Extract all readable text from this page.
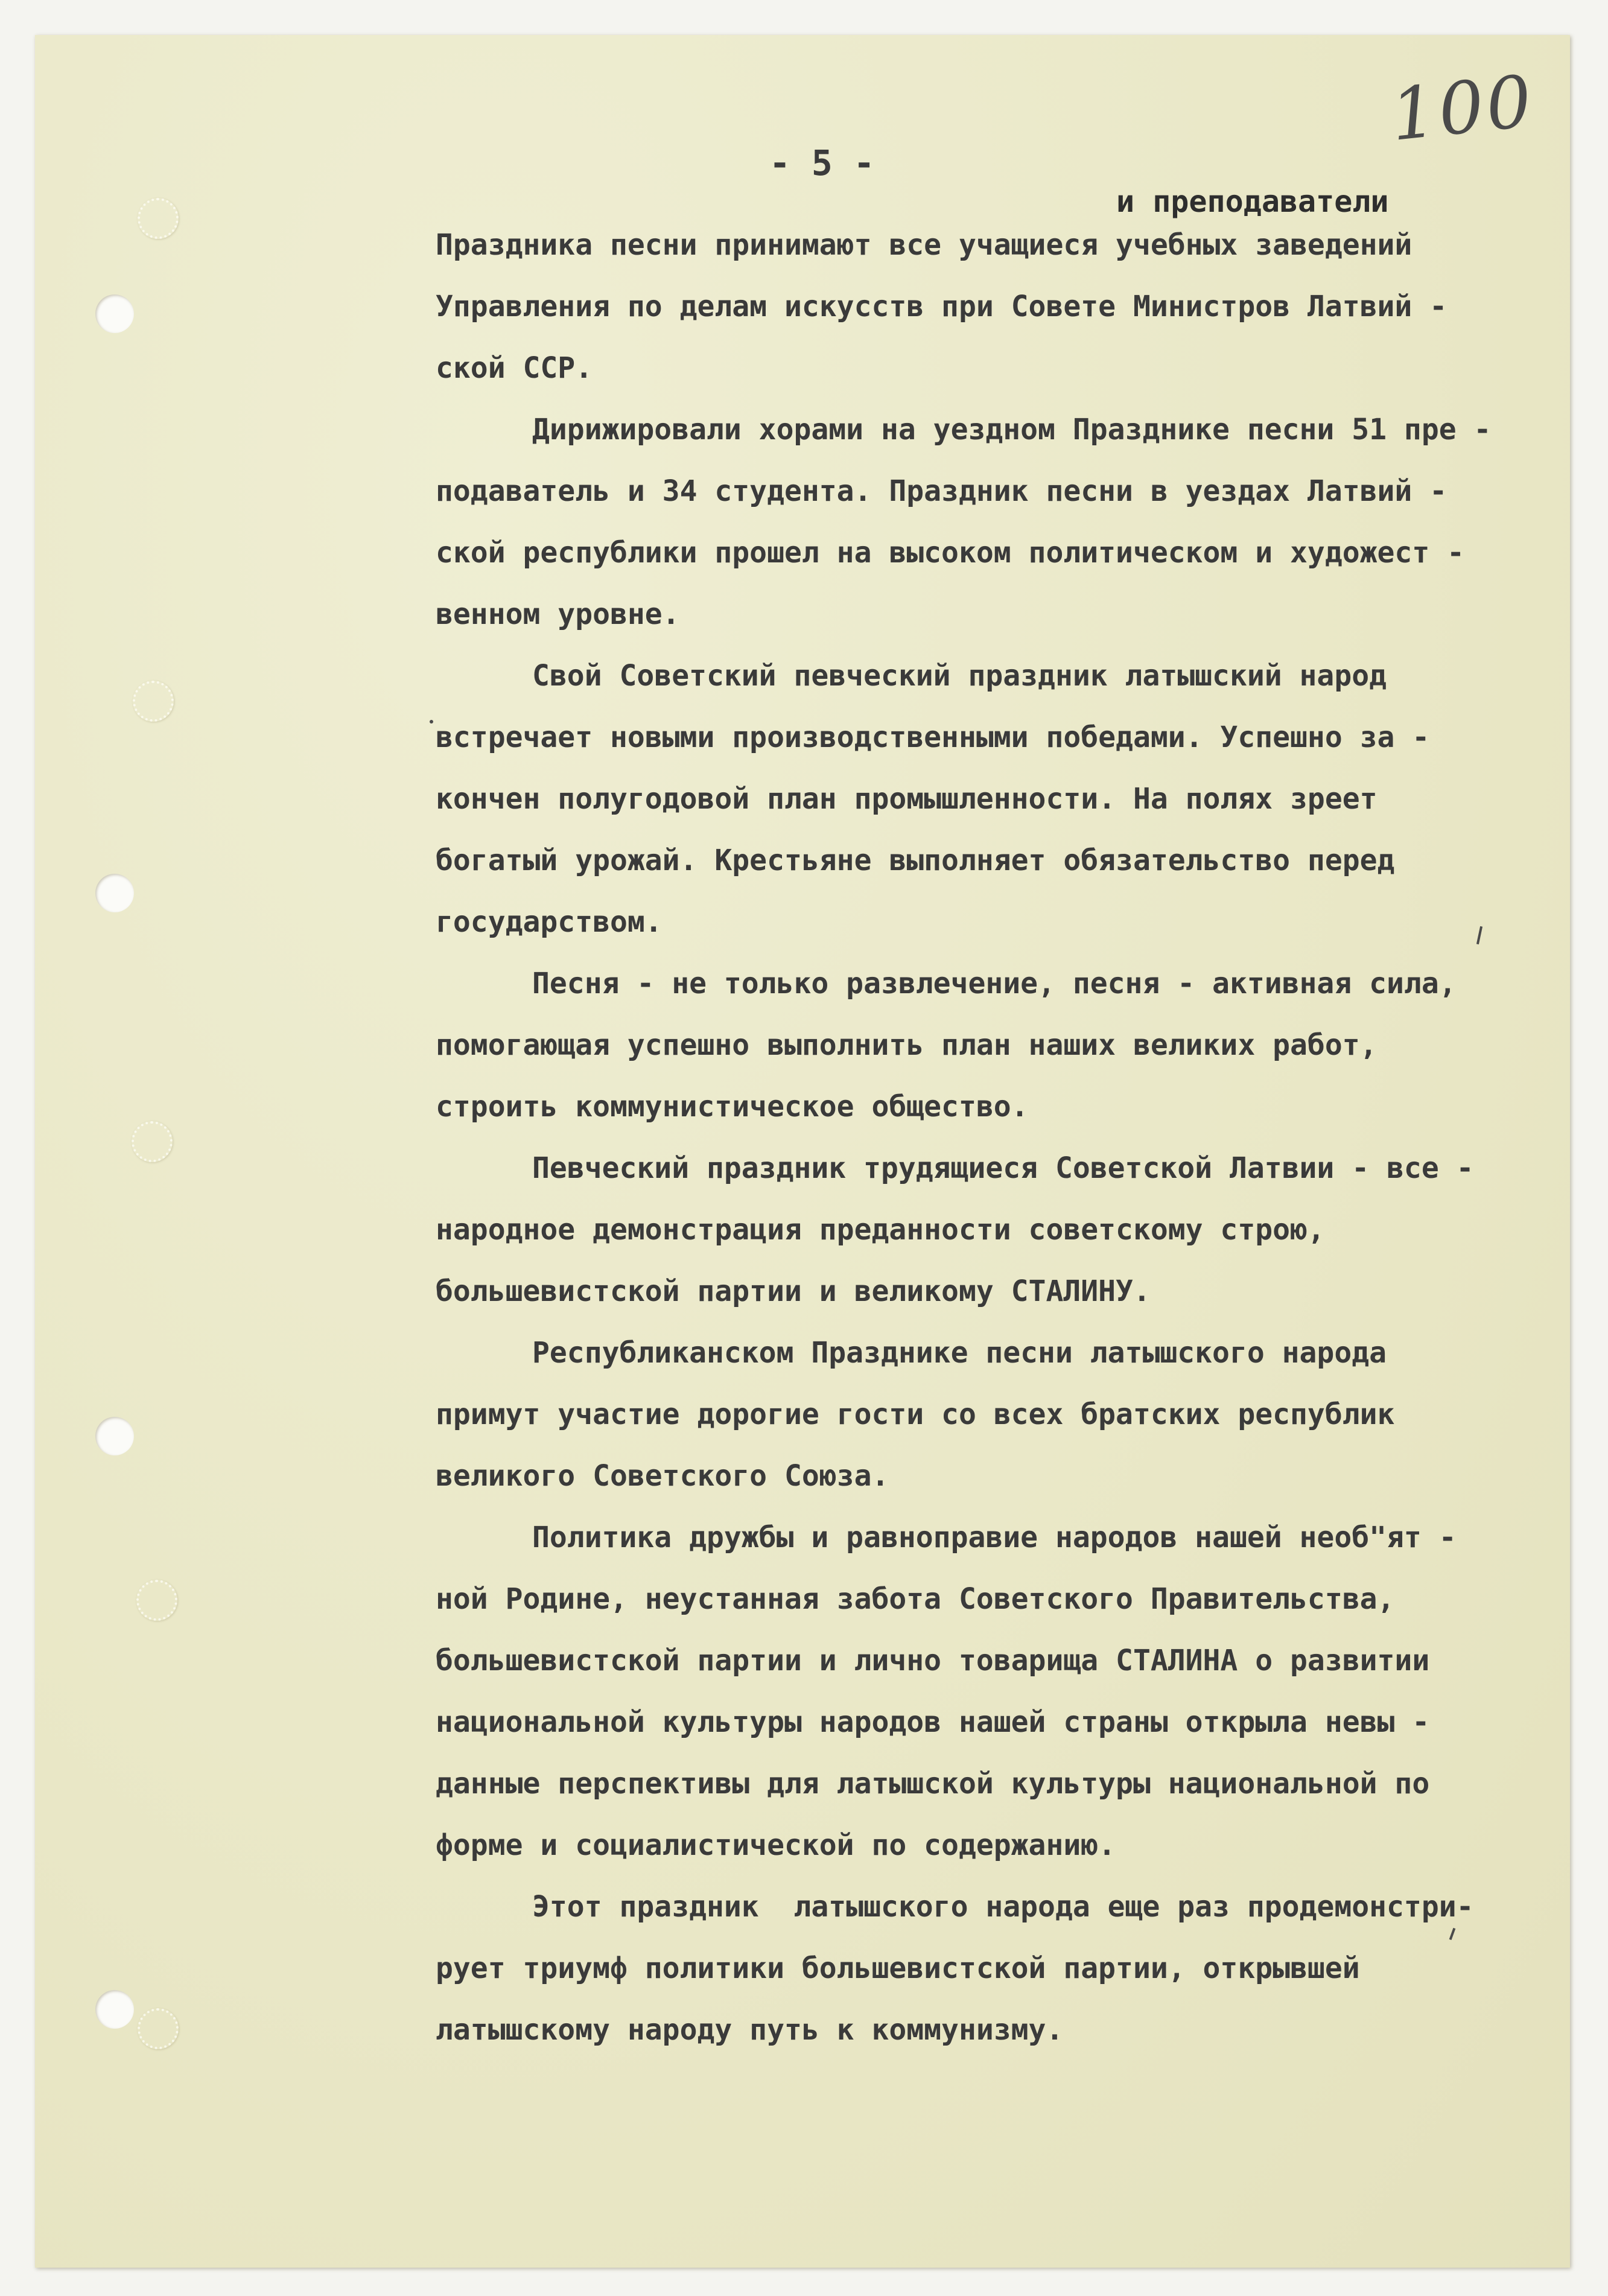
100
- 5 -
и преподаватели
Праздника песни принимают все учащиеся учебных заведений
Управления по делам искусств при Совете Министров Латвий -
ской ССР.
Дирижировали хорами на уездном Празднике песни 51 пре -
подаватель и 34 студента. Праздник песни в уездах Латвий -
ской республики прошел на высоком политическом и художест -
венном уровне.
Свой Советский певческий праздник латышский народ
встречает новыми производственными победами. Успешно за -
кончен полугодовой план промышленности. На полях зреет
богатый урожай. Крестьяне выполняет обязательство перед
государством.
Песня - не только развлечение, песня - активная сила,
помогающая успешно выполнить план наших великих работ,
строить коммунистическое общество.
Певческий праздник трудящиеся Советской Латвии - все -
народное демонстрация преданности советскому строю,
большевистской партии и великому СТАЛИНУ.
Республиканском Празднике песни латышского народа
примут участие дорогие гости со всех братских республик
великого Советского Союза.
Политика дружбы и равноправие народов нашей необ"ят -
ной Родине, неустанная забота Советского Правительства,
большевистской партии и лично товарища СТАЛИНА о развитии
национальной культуры народов нашей страны открыла невы -
данные перспективы для латышской культуры национальной по
форме и социалистической по содержанию.
Этот праздник  латышского народа еще раз продемонстри-
рует триумф политики большевистской партии, открывшей
латышскому народу путь к коммунизму.
